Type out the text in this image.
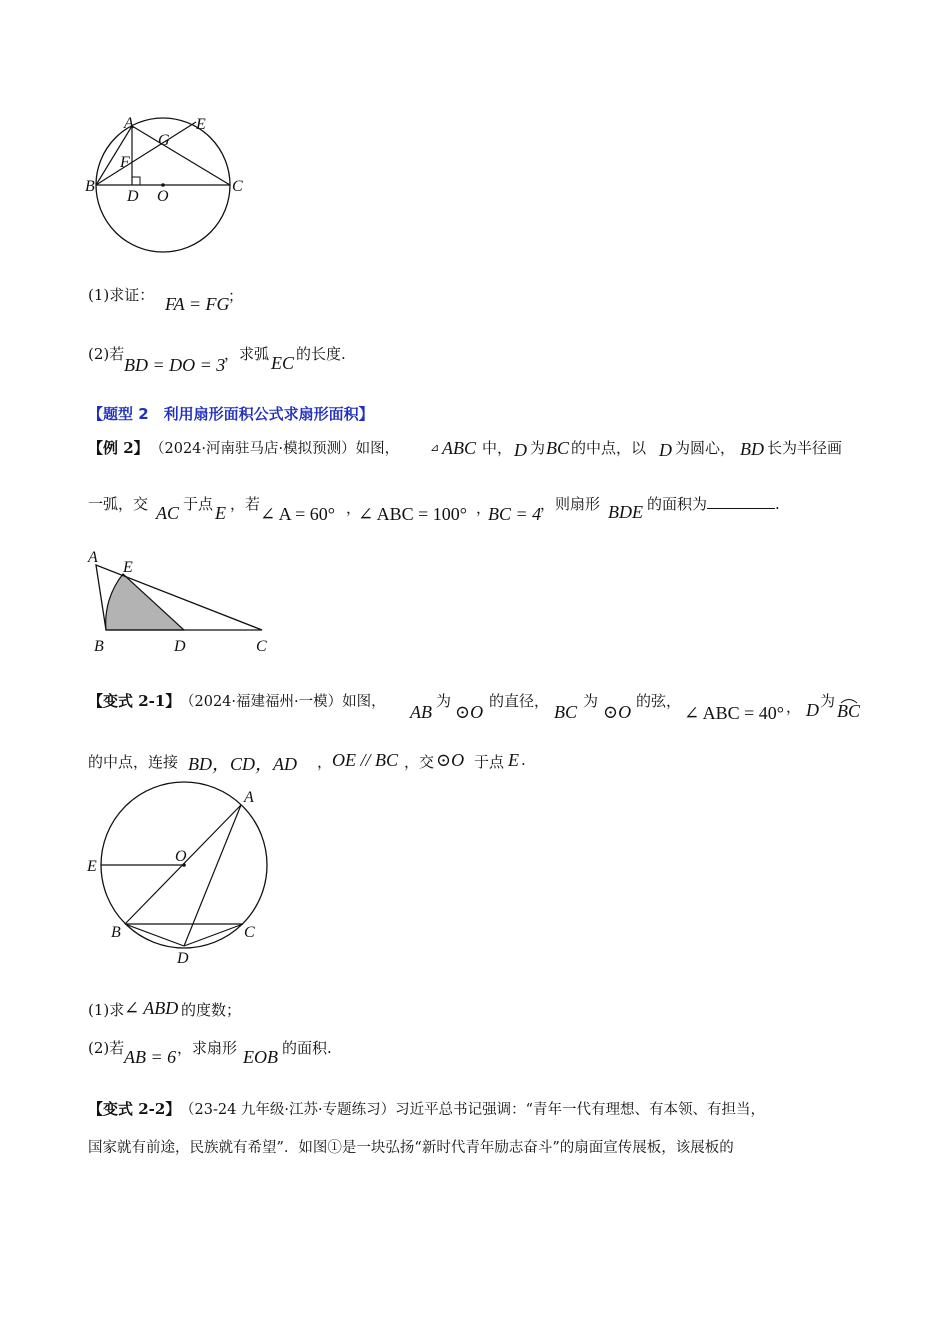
A	E
G
F
B
D O
C
(1)求证： FA = FG
；
(2)若
BD = DO = 3
，求弧 EC 的长度.
【题型 2　利用扇形面积公式求扇形面积】
【例 2】 （2024·河南驻马店·模拟预测）如图，	⊿ ABC 中， D 为 BC 的中点，以 D 为圆心， BD 长为半径画
一弧，交 AC 于点 E ，若 ∠ A = 60° ，
∠ ABC = 100° ，
BC = 4
，则扇形 BDE 的面积为	.
A
E
B	D	C
【变式 2-1】 （2024·福建福州·一模）如图， AB
为
⊙O
的直径，
BC
为
⊙O
的弦，
∠ ABC = 40° ， D 为 BC
的中点，连接 BD，CD，AD ， OE // BC ，交 ⊙O 于点 E .
A
O
E
B	C
D
(1)求 ∠ ABD 的度数；
(2)若 AB = 6 ，求扇形 EOB 的面积.
【变式 2-2】 （23-24 九年级·江苏·专题练习）习近平总书记强调：“青年一代有理想、有本领、有担当，
国家就有前途，民族就有希望”．如图①是一块弘扬“新时代青年励志奋斗”的扇面宣传展板，该展板的
